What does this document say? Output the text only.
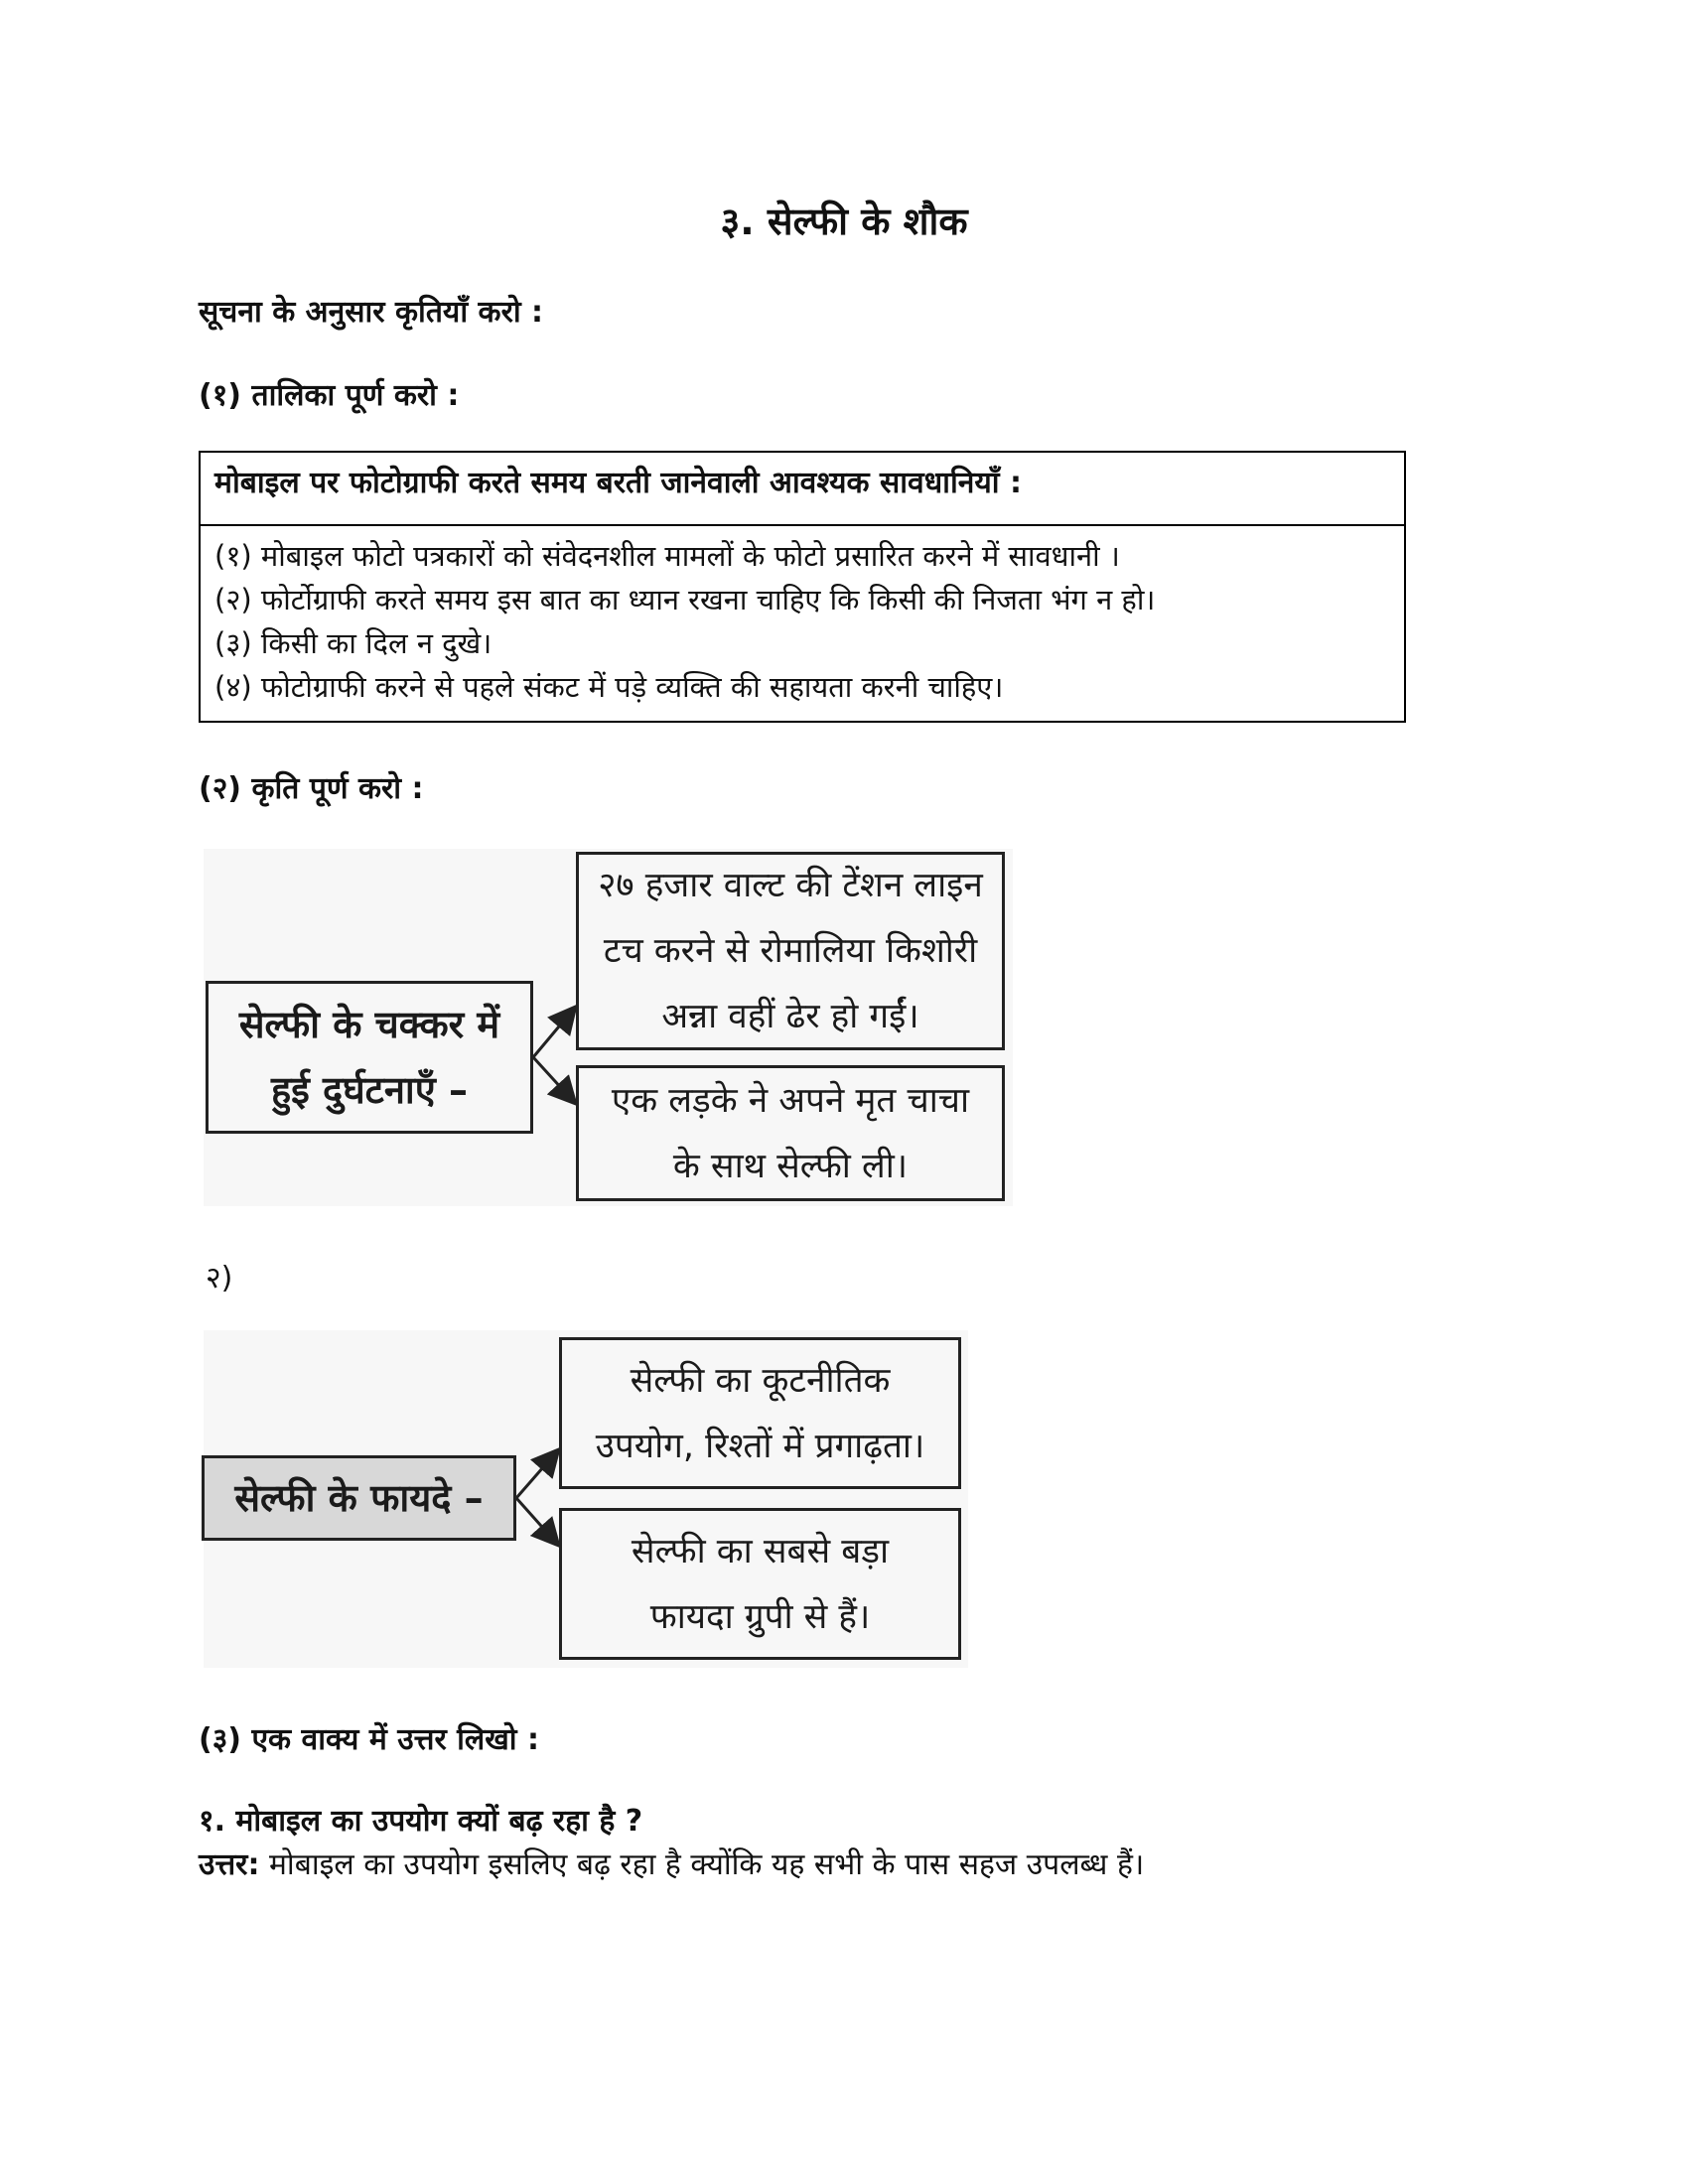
३. सेल्फी के शौक
सूचना के अनुसार कृतियाँ करो :
(१) तालिका पूर्ण करो :
मोबाइल पर फोटोग्राफी करते समय बरती जानेवाली आवश्यक सावधानियाँ :
(१) मोबाइल फोटो पत्रकारों को संवेदनशील मामलों के फोटो प्रसारित करने में सावधानी ।
(२) फोर्टोग्राफी करते समय इस बात का ध्यान रखना चाहिए कि किसी की निजता भंग न हो।
(३) किसी का दिल न दुखे।
(४) फोटोग्राफी करने से पहले संकट में पड़े व्यक्ति की सहायता करनी चाहिए।
(२) कृति पूर्ण करो :
सेल्फी के चक्कर में हुई दुर्घटनाएँ –
२७ हजार वाल्ट की टेंशन लाइन टच करने से रोमालिया किशोरी अन्ना वहीं ढेर हो गईं।
एक लड़के ने अपने मृत चाचा के साथ सेल्फी ली।
२)
सेल्फी के फायदे –
सेल्फी का कूटनीतिक उपयोग, रिश्तों में प्रगाढ़ता।
सेल्फी का सबसे बड़ा फायदा ग्रुपी से हैं।
(३) एक वाक्य में उत्तर लिखो :
१. मोबाइल का उपयोग क्यों बढ़ रहा है ?
उत्तर: मोबाइल का उपयोग इसलिए बढ़ रहा है क्योंकि यह सभी के पास सहज उपलब्ध हैं।
